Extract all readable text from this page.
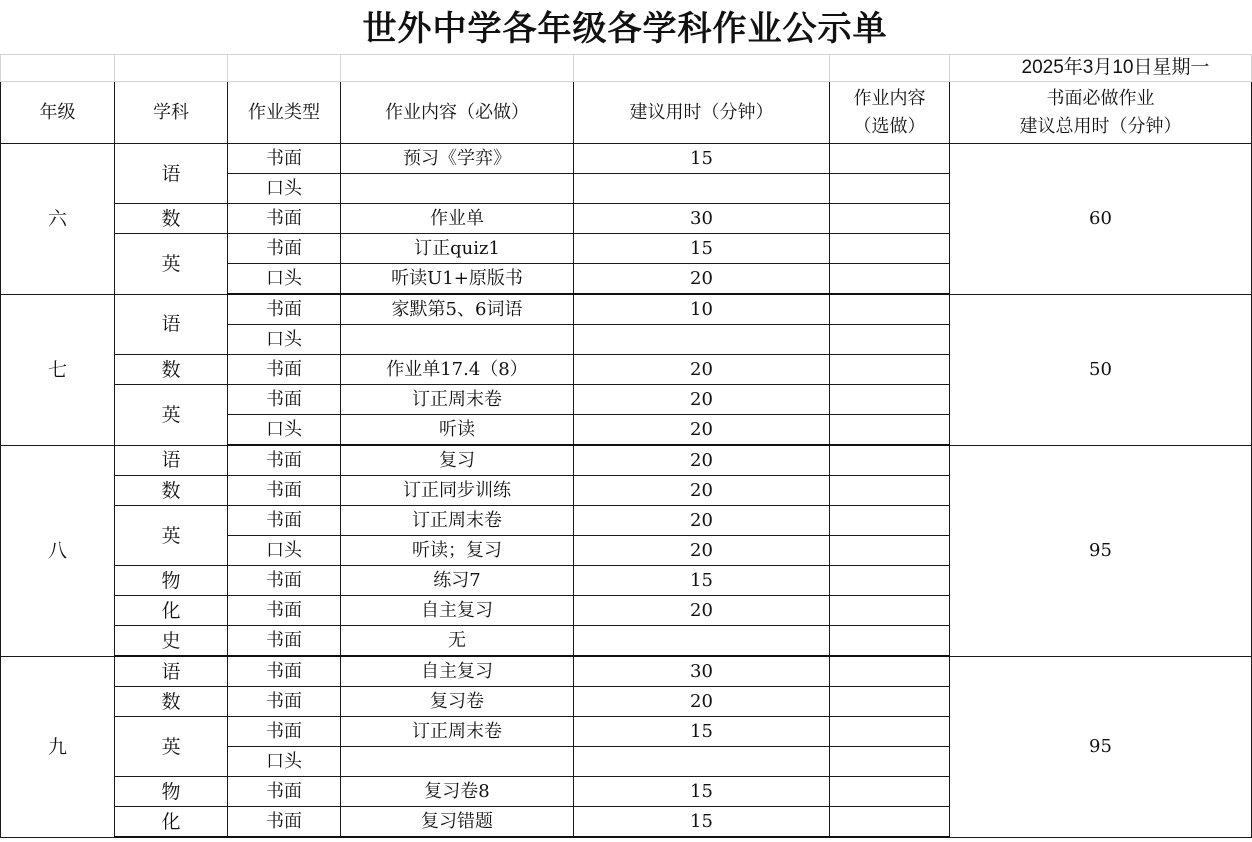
世外中学各年级各学科作业公示单
						2025年3月10日星期一
年级	学科	作业类型	作业内容（必做）	建议用时（分钟）	作业内容
（选做）	书面必做作业
建议总用时（分钟）
六	语	书面	预习《学弈》	15		60
		口头				
	数	书面	作业单	30		
	英	书面	订正quiz1	15		
		口头	听读U1+原版书	20		
七	语	书面	家默第5、6词语	10		50
		口头				
	数	书面	作业单17.4（8）	20		
	英	书面	订正周末卷	20		
		口头	听读	20		
八	语	书面	复习	20		95
	数	书面	订正同步训练	20		
	英	书面	订正周末卷	20		
		口头	听读；复习	20		
	物	书面	练习7	15		
	化	书面	自主复习	20		
	史	书面	无			
九	语	书面	自主复习	30		95
	数	书面	复习卷	20		
	英	书面	订正周末卷	15		
		口头				
	物	书面	复习卷8	15		
	化	书面	复习错题	15		
